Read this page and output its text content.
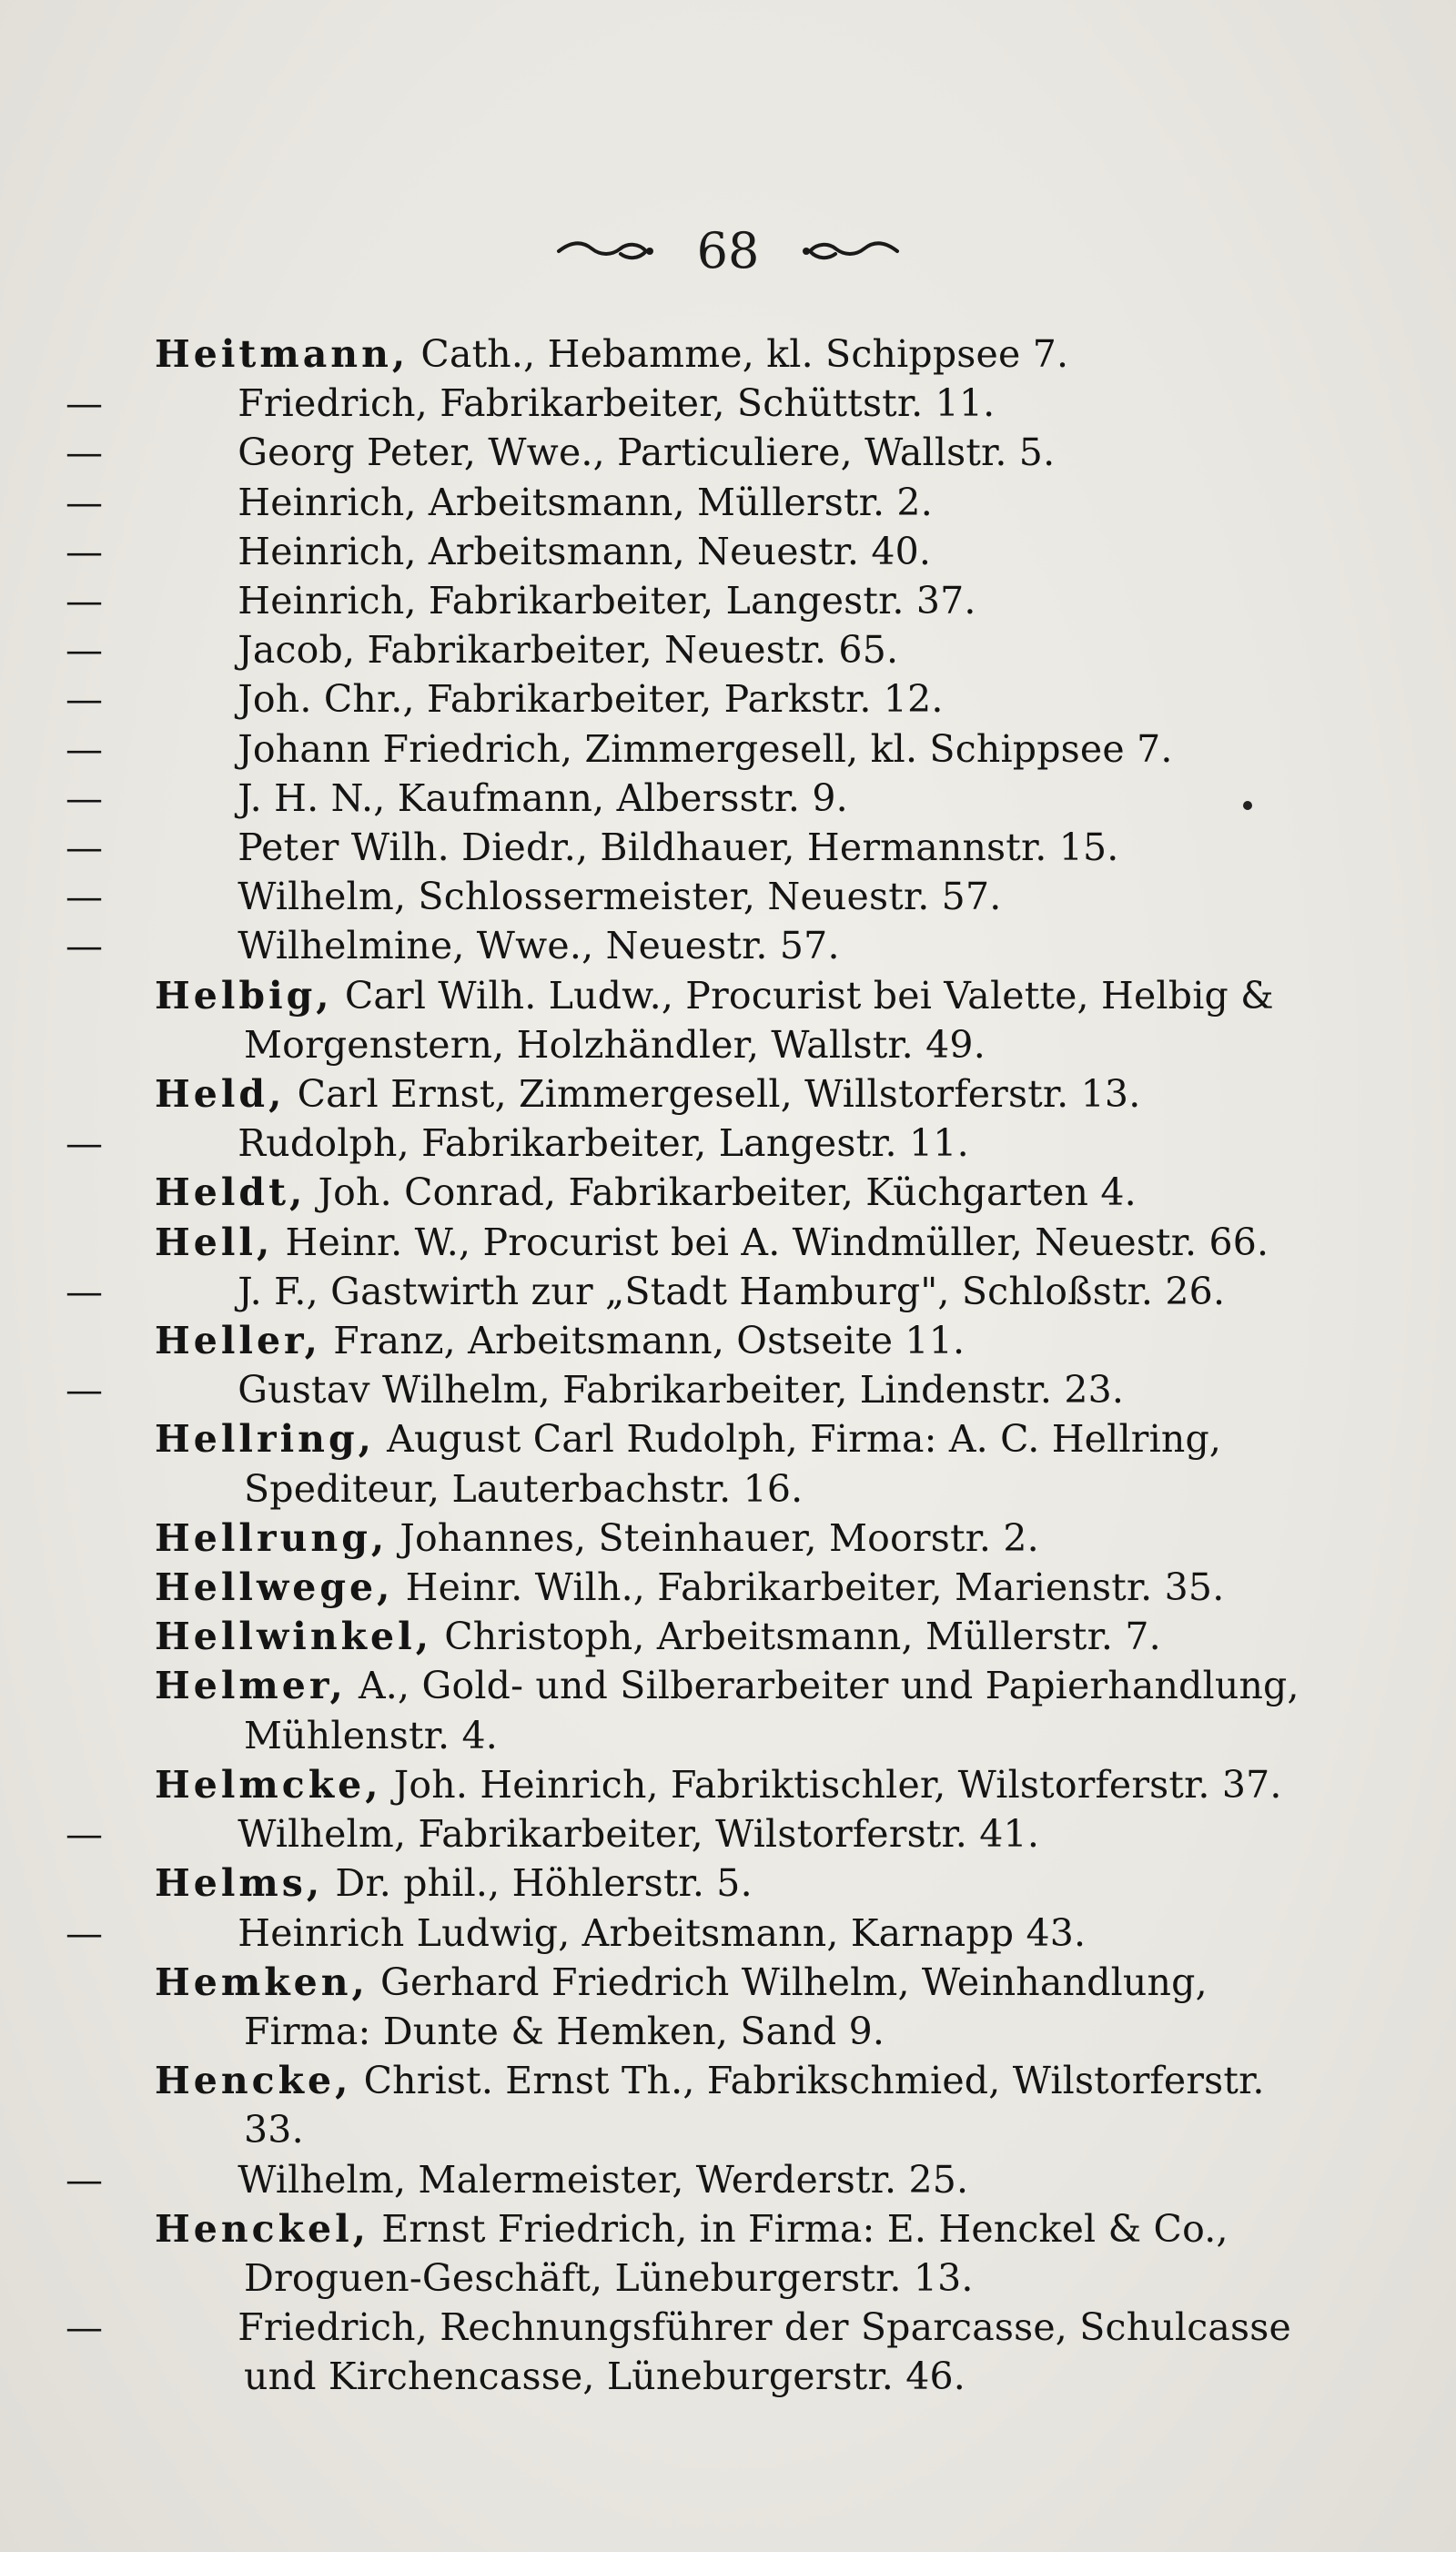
68
Heitmann, Cath., Hebamme, kl. Schippsee 7.
—	Friedrich, Fabrikarbeiter, Schüttstr. 11.
—	Georg Peter, Wwe., Particuliere, Wallstr. 5.
—	Heinrich, Arbeitsmann, Müllerstr. 2.
—	Heinrich, Arbeitsmann, Neuestr. 40.
—	Heinrich, Fabrikarbeiter, Langestr. 37.
—	Jacob, Fabrikarbeiter, Neuestr. 65.
—	Joh. Chr., Fabrikarbeiter, Parkstr. 12.
—	Johann Friedrich, Zimmergesell, kl. Schippsee 7.
—	J. H. N., Kaufmann, Albersstr. 9.
—	Peter Wilh. Diedr., Bildhauer, Hermannstr. 15.
—	Wilhelm, Schlossermeister, Neuestr. 57.
—	Wilhelmine, Wwe., Neuestr. 57.
Helbig, Carl Wilh. Ludw., Procurist bei Valette, Helbig & Morgenstern, Holzhändler, Wallstr. 49.
Held, Carl Ernst, Zimmergesell, Willstorferstr. 13.
—	Rudolph, Fabrikarbeiter, Langestr. 11.
Heldt, Joh. Conrad, Fabrikarbeiter, Küchgarten 4.
Hell, Heinr. W., Procurist bei A. Windmüller, Neuestr. 66.
—	J. F., Gastwirth zur „Stadt Hamburg", Schloßstr. 26.
Heller, Franz, Arbeitsmann, Ostseite 11.
—	Gustav Wilhelm, Fabrikarbeiter, Lindenstr. 23.
Hellring, August Carl Rudolph, Firma: A. C. Hellring, Spediteur, Lauterbachstr. 16.
Hellrung, Johannes, Steinhauer, Moorstr. 2.
Hellwege, Heinr. Wilh., Fabrikarbeiter, Marienstr. 35.
Hellwinkel, Christoph, Arbeitsmann, Müllerstr. 7.
Helmer, A., Gold- und Silberarbeiter und Papierhandlung, Mühlenstr. 4.
Helmcke, Joh. Heinrich, Fabriktischler, Wilstorferstr. 37.
—	Wilhelm, Fabrikarbeiter, Wilstorferstr. 41.
Helms, Dr. phil., Höhlerstr. 5.
—	Heinrich Ludwig, Arbeitsmann, Karnapp 43.
Hemken, Gerhard Friedrich Wilhelm, Weinhandlung, Firma: Dunte & Hemken, Sand 9.
Hencke, Christ. Ernst Th., Fabrikschmied, Wilstorferstr. 33.
—	Wilhelm, Malermeister, Werderstr. 25.
Henckel, Ernst Friedrich, in Firma: E. Henckel & Co., Droguen-Geschäft, Lüneburgerstr. 13.
—	Friedrich, Rechnungsführer der Sparcasse, Schulcasse und Kirchencasse, Lüneburgerstr. 46.
